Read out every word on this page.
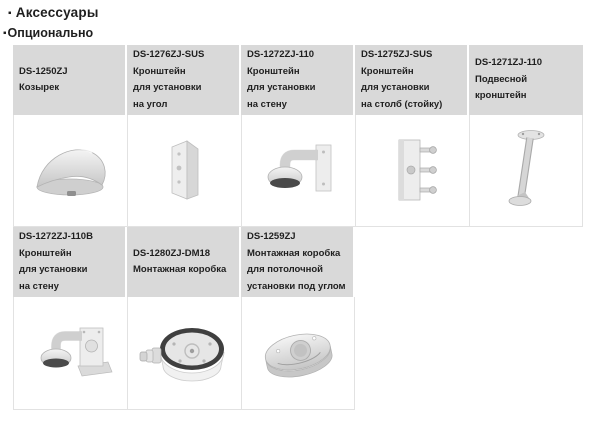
▪ Аксессуары
▪Опционально
DS-1250ZJ
Козырек
DS-1276ZJ-SUS
Кронштейн
для установки
на угол
DS-1272ZJ-110
Кронштейн
для установки
на стену
DS-1275ZJ-SUS
Кронштейн
для установки
на столб (стойку)
DS-1271ZJ-110
Подвесной
кронштейн
DS-1272ZJ-110B
Кронштейн
для установки
на стену
DS-1280ZJ-DM18
Монтажная коробка
DS-1259ZJ
Монтажная коробка
для потолочной
установки под углом
